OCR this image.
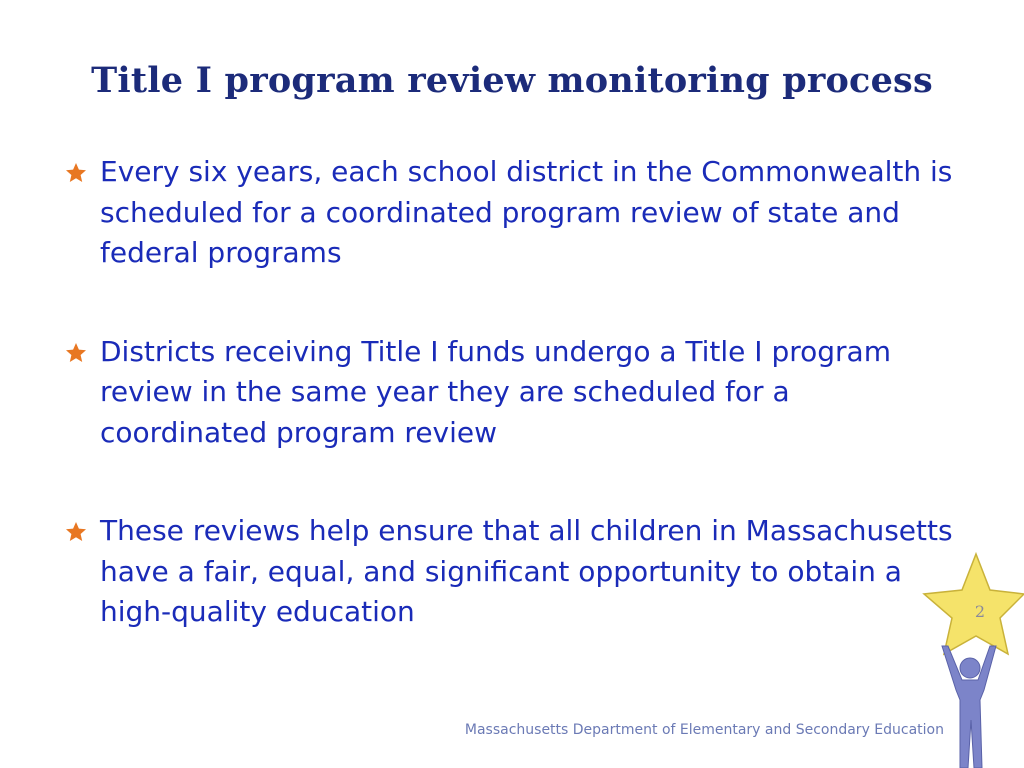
Title I program review monitoring process
Every six years, each school district in the Commonwealth is scheduled for a coordinated program review of state and federal programs
Districts receiving Title I funds undergo a Title I program review in the same year they are scheduled for a coordinated program review
These reviews help ensure that all children in Massachusetts have a fair, equal, and significant opportunity to obtain a high-quality education
Massachusetts Department of Elementary and Secondary Education
2
